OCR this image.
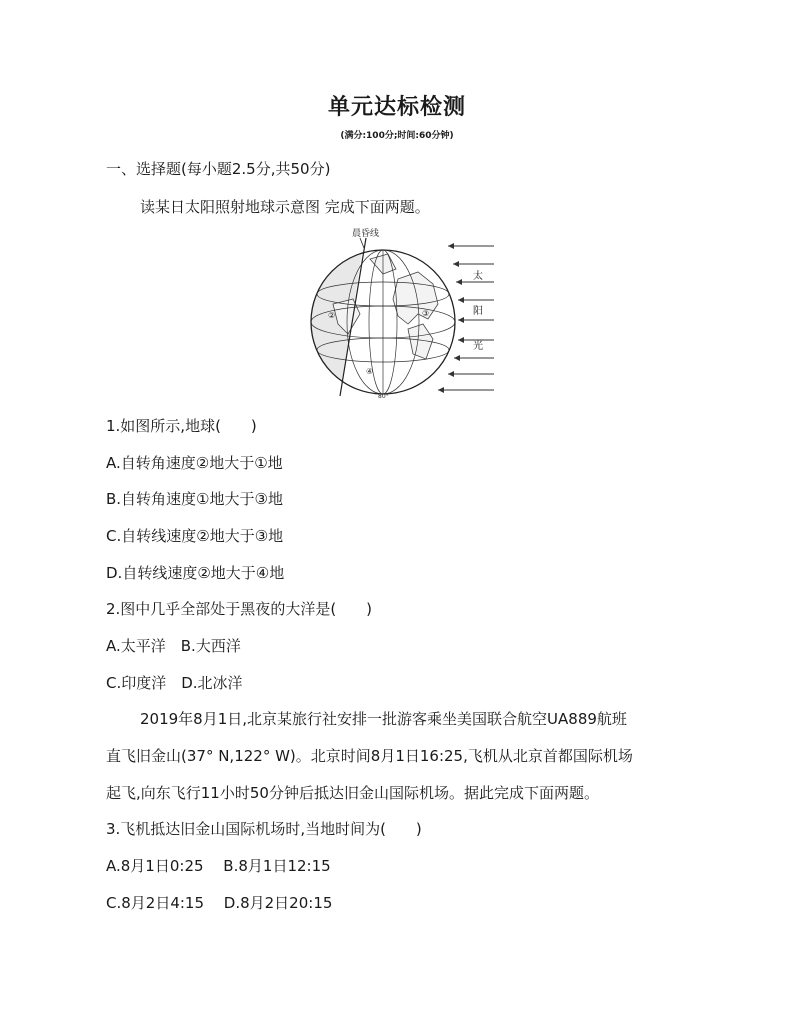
单元达标检测
(满分:100分;时间:60分钟)
一、选择题(每小题2.5分,共50分)
读某日太阳照射地球示意图 完成下面两题。
晨昏线
太
阳
光
②	③
④
80°
1.如图所示,地球(　　)
A.自转角速度②地大于①地
B.自转角速度①地大于③地
C.自转线速度②地大于③地
D.自转线速度②地大于④地
2.图中几乎全部处于黑夜的大洋是(　　)
A.太平洋　B.大西洋
C.印度洋　D.北冰洋
2019年8月1日,北京某旅行社安排一批游客乘坐美国联合航空UA889航班
直飞旧金山(37° N,122° W)。北京时间8月1日16:25,飞机从北京首都国际机场
起飞,向东飞行11小时50分钟后抵达旧金山国际机场。据此完成下面两题。
3.飞机抵达旧金山国际机场时,当地时间为(　　)
A.8月1日0:25　 B.8月1日12:15
C.8月2日4:15　 D.8月2日20:15
